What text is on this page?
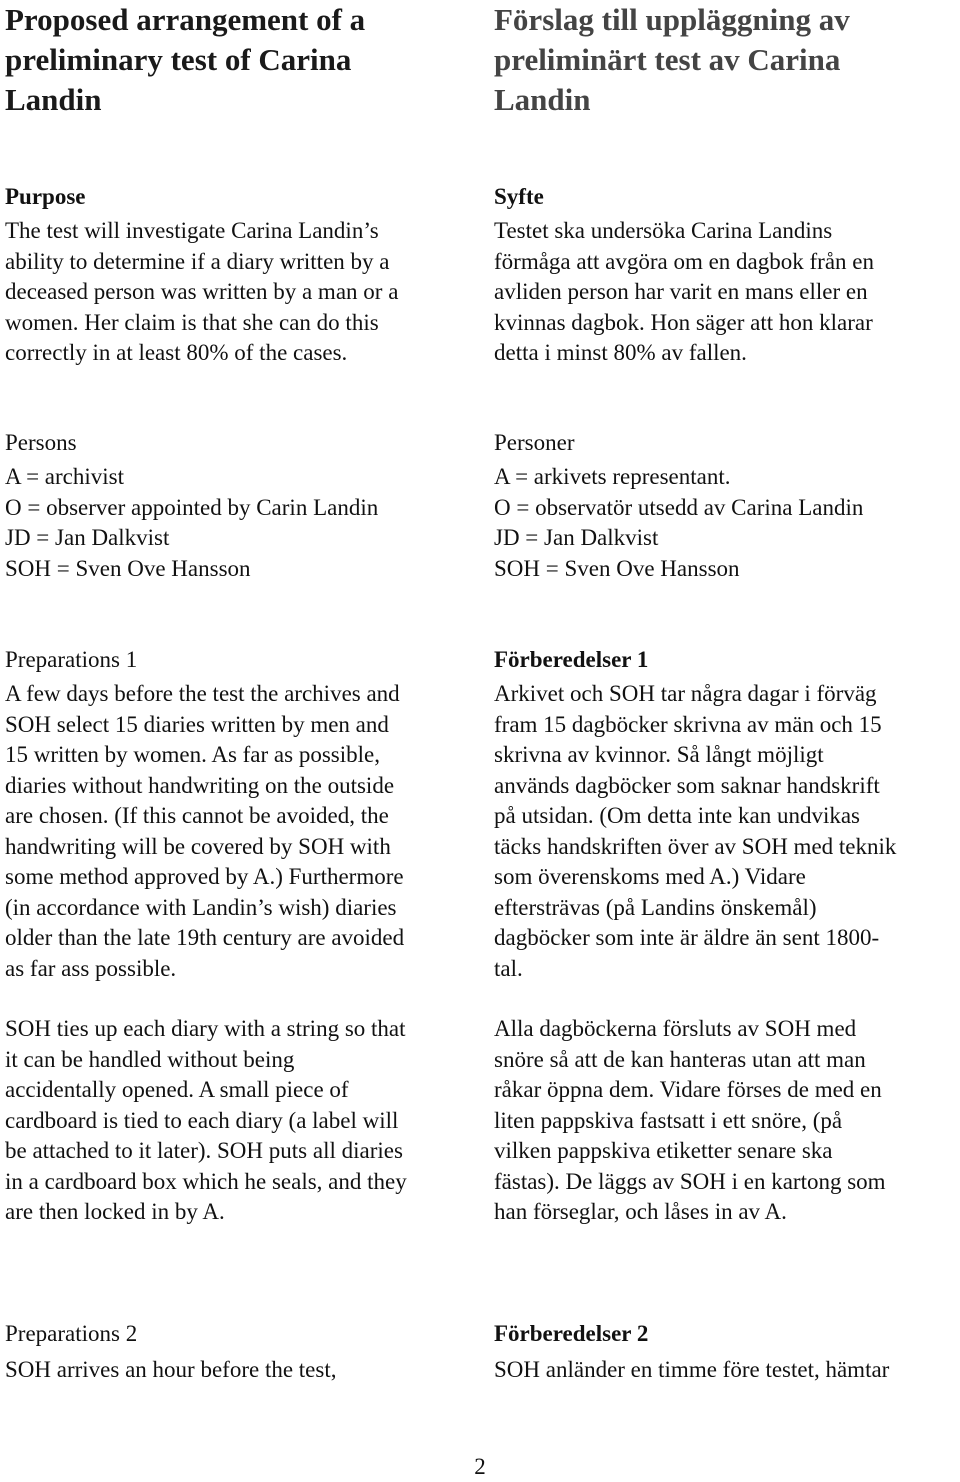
Proposed arrangement of a
preliminary test of Carina
Landin
Purpose
The test will investigate Carina Landin’s
ability to determine if a diary written by a
deceased person was written by a man or a
women. Her claim is that she can do this
correctly in at least 80% of the cases.
Persons
A = archivist
O = observer appointed by Carin Landin
JD = Jan Dalkvist
SOH = Sven Ove Hansson
Preparations 1
A few days before the test the archives and
SOH select 15 diaries written by men and
15 written by women. As far as possible,
diaries without handwriting on the outside
are chosen. (If this cannot be avoided, the
handwriting will be covered by SOH with
some method approved by A.) Furthermore
(in accordance with Landin’s wish) diaries
older than the late 19th century are avoided
as far ass possible.
SOH ties up each diary with a string so that
it can be handled without being
accidentally opened. A small piece of
cardboard is tied to each diary (a label will
be attached to it later). SOH puts all diaries
in a cardboard box which he seals, and they
are then locked in by A.
Preparations 2
SOH arrives an hour before the test,
Förslag till uppläggning av
preliminärt test av Carina
Landin
Syfte
Testet ska undersöka Carina Landins
förmåga att avgöra om en dagbok från en
avliden person har varit en mans eller en
kvinnas dagbok. Hon säger att hon klarar
detta i minst 80% av fallen.
Personer
A = arkivets representant.
O = observatör utsedd av Carina Landin
JD = Jan Dalkvist
SOH = Sven Ove Hansson
Förberedelser 1
Arkivet och SOH tar några dagar i förväg
fram 15 dagböcker skrivna av män och 15
skrivna av kvinnor. Så långt möjligt
används dagböcker som saknar handskrift
på utsidan. (Om detta inte kan undvikas
täcks handskriften över av SOH med teknik
som överenskoms med A.) Vidare
eftersträvas (på Landins önskemål)
dagböcker som inte är äldre än sent 1800-
tal.
Alla dagböckerna försluts av SOH med
snöre så att de kan hanteras utan att man
råkar öppna dem. Vidare förses de med en
liten pappskiva fastsatt i ett snöre, (på
vilken pappskiva etiketter senare ska
fästas). De läggs av SOH i en kartong som
han förseglar, och låses in av A.
Förberedelser 2
SOH anländer en timme före testet, hämtar
2
